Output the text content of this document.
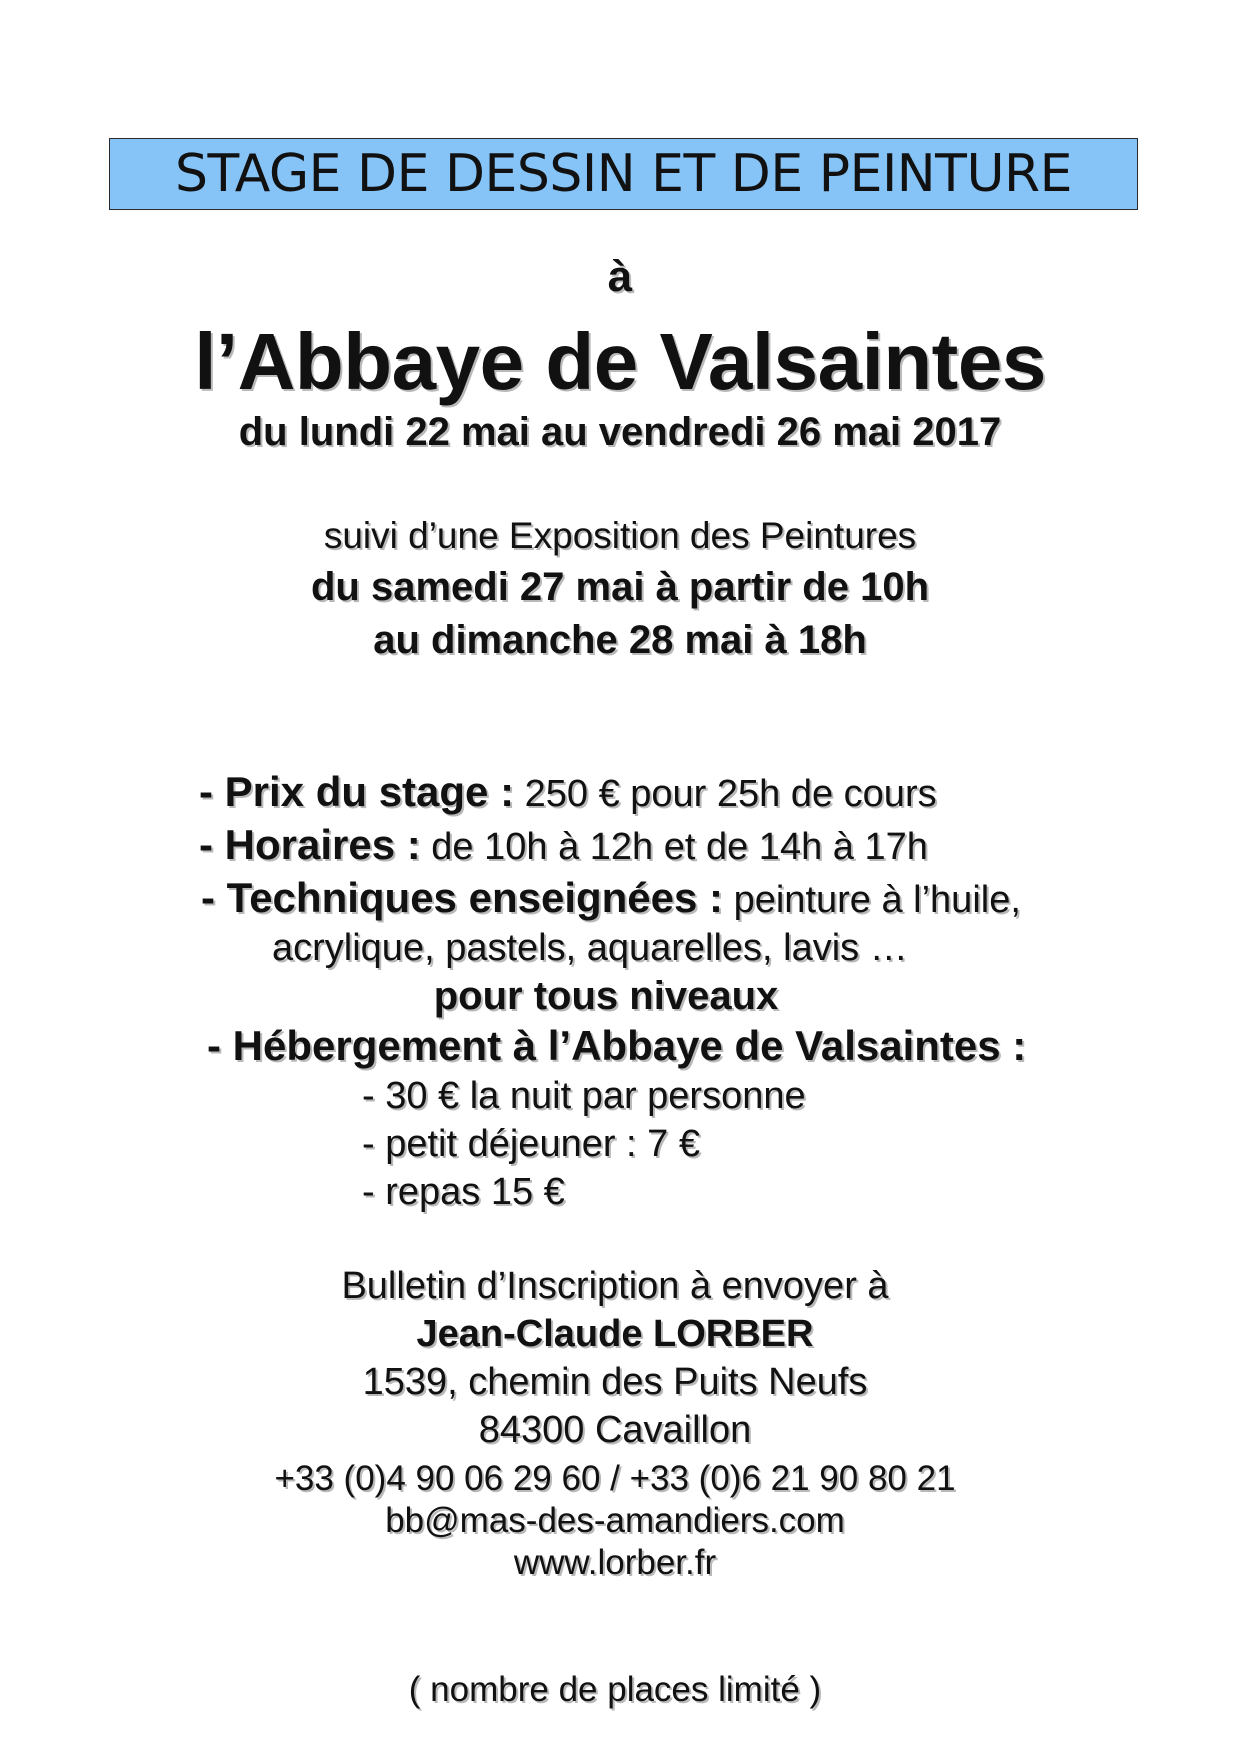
STAGE DE DESSIN ET DE PEINTURE
à
l’Abbaye de Valsaintes
du lundi 22 mai au vendredi 26 mai 2017
suivi d’une Exposition des Peintures
du samedi 27 mai à partir de 10h
au dimanche 28 mai à 18h
- Prix du stage : 250 € pour 25h de cours
- Horaires : de 10h à 12h et de 14h à 17h
- Techniques enseignées : peinture à l’huile,
acrylique, pastels, aquarelles, lavis …
pour tous niveaux
- Hébergement à l’Abbaye de Valsaintes :
- 30 € la nuit par personne
- petit déjeuner : 7 €
- repas 15 €
Bulletin d’Inscription à envoyer à
Jean-Claude LORBER
1539, chemin des Puits Neufs
84300 Cavaillon
+33 (0)4 90 06 29 60 / +33 (0)6 21 90 80 21
bb@mas-des-amandiers.com
www.lorber.fr
( nombre de places limité )
